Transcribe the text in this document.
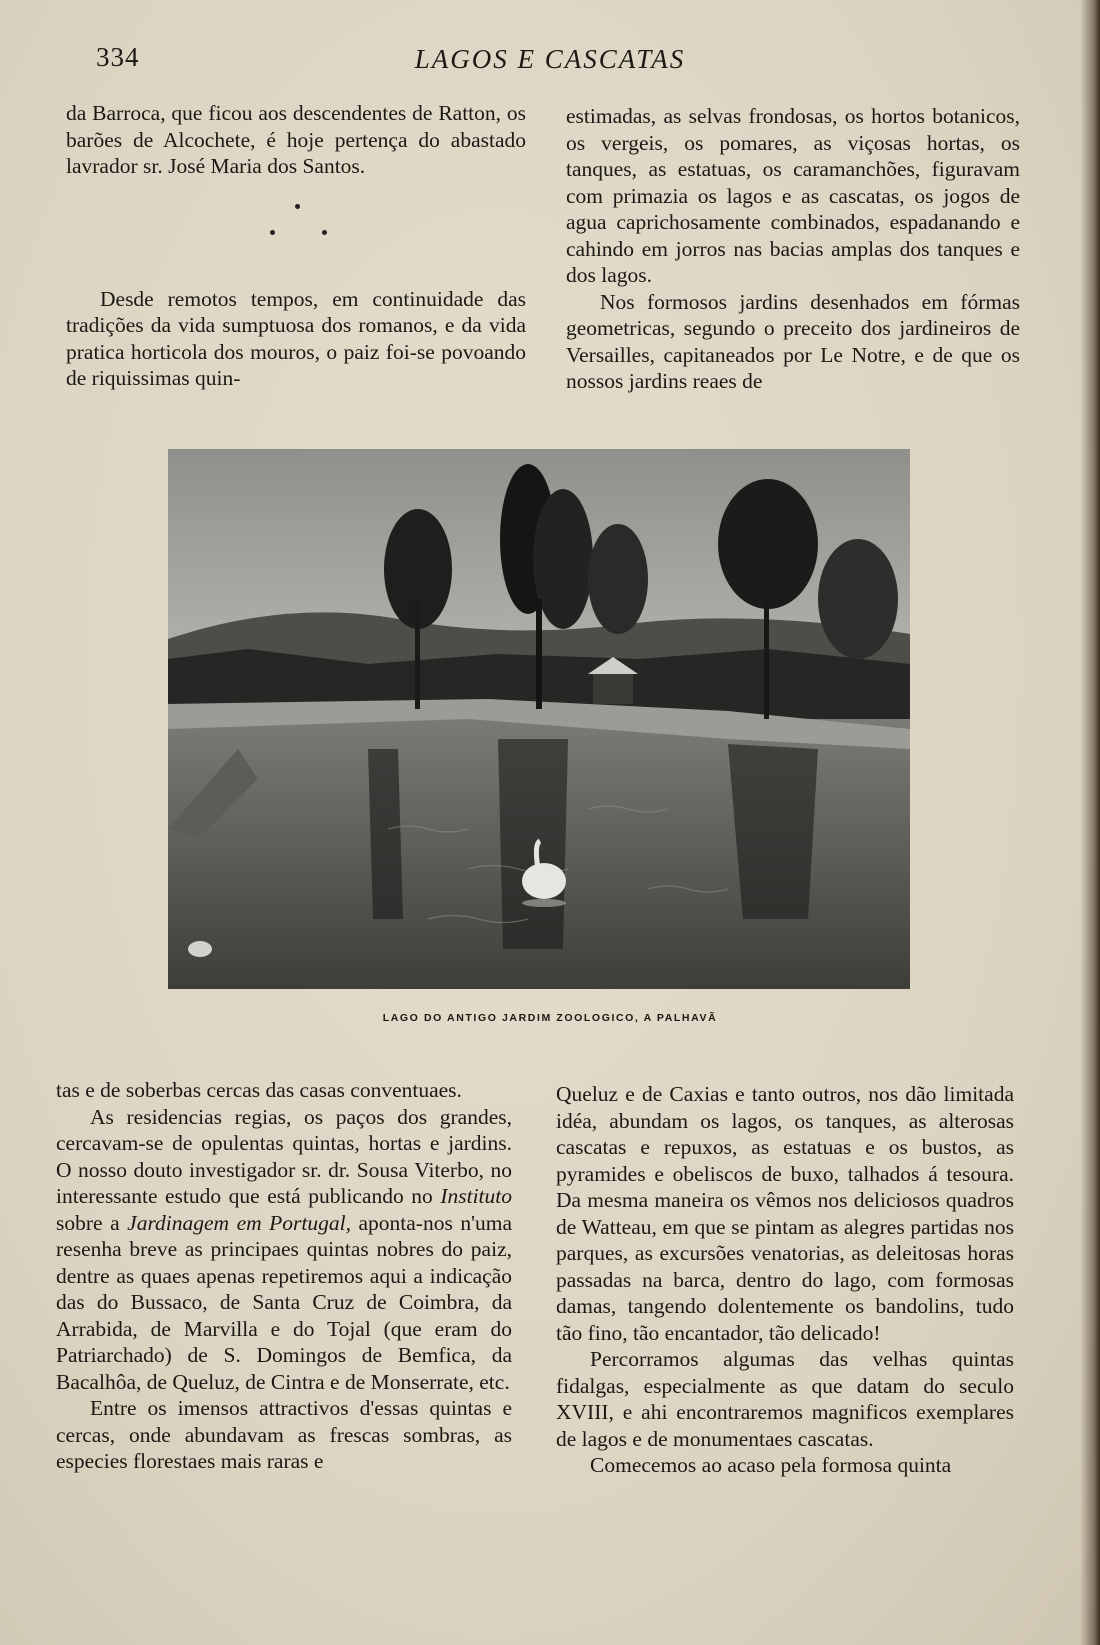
334	LAGOS E CASCATAS

da Barroca, que ficou aos descendentes de Ratton, os barões de Alcochete, é hoje pertença do abastado lavrador sr. José Maria dos Santos.

Desde remotos tempos, em continuidade das tradições da vida sumptuosa dos romanos, e da vida pratica horticola dos mouros, o paiz foi-se povoando de riquissimas quin-

estimadas, as selvas frondosas, os hortos botanicos, os vergeis, os pomares, as viçosas hortas, os tanques, as estatuas, os caramanchões, figuravam com primazia os lagos e as cascatas, os jogos de agua caprichosamente combinados, espadanando e cahindo em jorros nas bacias amplas dos tanques e dos lagos.

Nos formosos jardins desenhados em fórmas geometricas, segundo o preceito dos jardineiros de Versailles, capitaneados por Le Notre, e de que os nossos jardins reaes de

LAGO DO ANTIGO JARDIM ZOOLOGICO, A PALHAVÃ

tas e de soberbas cercas das casas conventuaes.

As residencias regias, os paços dos grandes, cercavam-se de opulentas quintas, hortas e jardins. O nosso douto investigador sr. dr. Sousa Viterbo, no interessante estudo que está publicando no Instituto sobre a Jardinagem em Portugal, aponta-nos n'uma resenha breve as principaes quintas nobres do paiz, dentre as quaes apenas repetiremos aqui a indicação das do Bussaco, de Santa Cruz de Coimbra, da Arrabida, de Marvilla e do Tojal (que eram do Patriarchado) de S. Domingos de Bemfica, da Bacalhôa, de Queluz, de Cintra e de Monserrate, etc.

Entre os imensos attractivos d'essas quintas e cercas, onde abundavam as frescas sombras, as especies florestaes mais raras e

Queluz e de Caxias e tanto outros, nos dão limitada idéa, abundam os lagos, os tanques, as alterosas cascatas e repuxos, as estatuas e os bustos, as pyramides e obeliscos de buxo, talhados á tesoura. Da mesma maneira os vêmos nos deliciosos quadros de Watteau, em que se pintam as alegres partidas nos parques, as excursões venatorias, as deleitosas horas passadas na barca, dentro do lago, com formosas damas, tangendo dolentemente os bandolins, tudo tão fino, tão encantador, tão delicado!

Percorramos algumas das velhas quintas fidalgas, especialmente as que datam do seculo XVIII, e ahi encontraremos magnificos exemplares de lagos e de monumentaes cascatas.

Comecemos ao acaso pela formosa quinta
